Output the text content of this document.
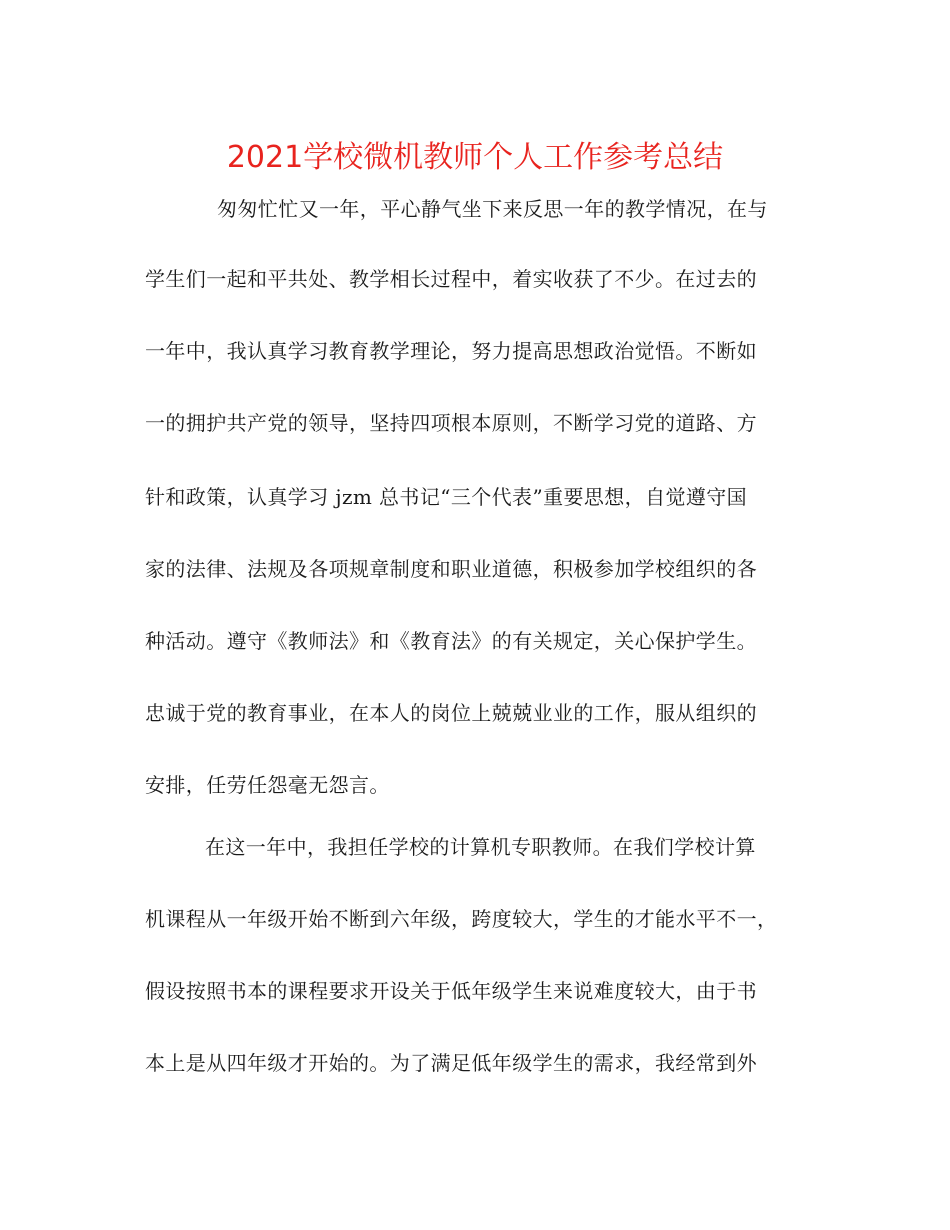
2021学校微机教师个人工作参考总结
匆匆忙忙又一年，平心静气坐下来反思一年的教学情况，在与
学生们一起和平共处、教学相长过程中，着实收获了不少。在过去的
一年中，我认真学习教育教学理论，努力提高思想政治觉悟。不断如
一的拥护共产党的领导，坚持四项根本原则，不断学习党的道路、方
针和政策，认真学习 jzm 总书记“三个代表”重要思想，自觉遵守国
家的法律、法规及各项规章制度和职业道德，积极参加学校组织的各
种活动。遵守《教师法》和《教育法》的有关规定，关心保护学生。
忠诚于党的教育事业，在本人的岗位上兢兢业业的工作，服从组织的
安排，任劳任怨毫无怨言。
在这一年中，我担任学校的计算机专职教师。在我们学校计算
机课程从一年级开始不断到六年级，跨度较大，学生的才能水平不一，
假设按照书本的课程要求开设关于低年级学生来说难度较大，由于书
本上是从四年级才开始的。为了满足低年级学生的需求，我经常到外
